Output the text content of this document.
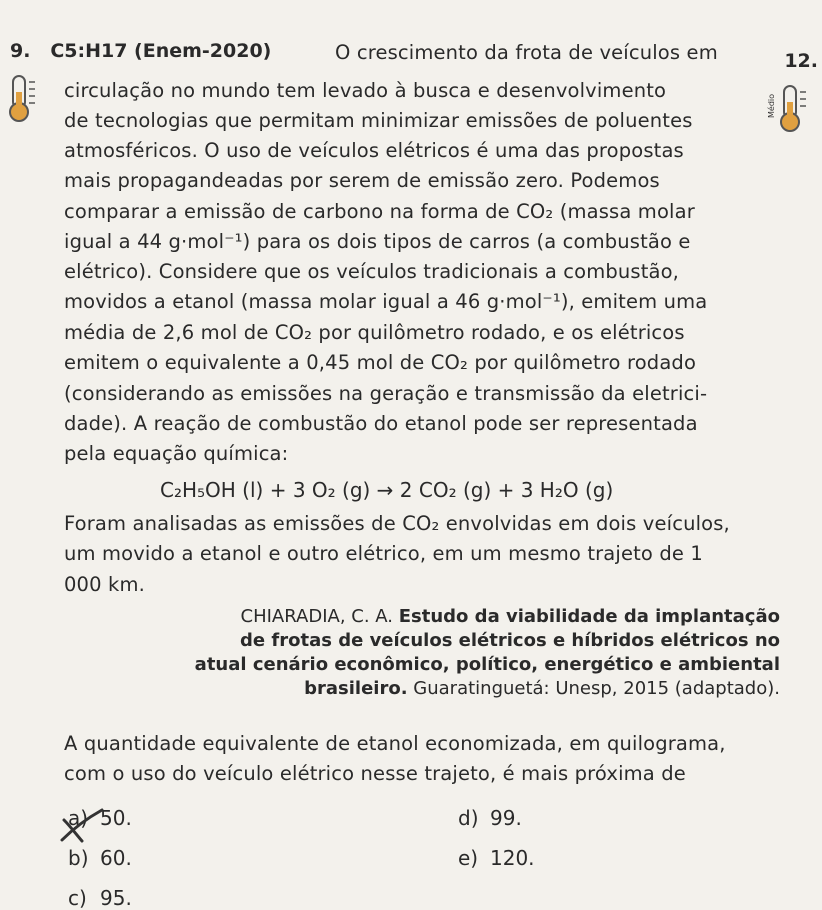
9. C5:H17 (Enem-2020)	12.
Médio
O crescimento da frota de veículos em
circulação no mundo tem levado à busca e desenvolvimento
de tecnologias que permitam minimizar emissões de poluentes
atmosféricos. O uso de veículos elétricos é uma das propostas
mais propagandeadas por serem de emissão zero. Podemos
comparar a emissão de carbono na forma de CO₂ (massa molar
igual a 44 g·mol⁻¹) para os dois tipos de carros (a combustão e
elétrico). Considere que os veículos tradicionais a combustão,
movidos a etanol (massa molar igual a 46 g·mol⁻¹), emitem uma
média de 2,6 mol de CO₂ por quilômetro rodado, e os elétricos
emitem o equivalente a 0,45 mol de CO₂ por quilômetro rodado
(considerando as emissões na geração e transmissão da eletrici-
dade). A reação de combustão do etanol pode ser representada
pela equação química:
C₂H₅OH (l) + 3 O₂ (g) → 2 CO₂ (g) + 3 H₂O (g)
Foram analisadas as emissões de CO₂ envolvidas em dois veículos,
um movido a etanol e outro elétrico, em um mesmo trajeto de 1
000 km.
CHIARADIA, C. A. Estudo da viabilidade da implantação
de frotas de veículos elétricos e híbridos elétricos no
atual cenário econômico, político, energético e ambiental
brasileiro. Guaratinguetá: Unesp, 2015 (adaptado).
A quantidade equivalente de etanol economizada, em quilograma,
com o uso do veículo elétrico nesse trajeto, é mais próxima de
a) 50.
b) 60.
c) 95.
d) 99.
e) 120.
